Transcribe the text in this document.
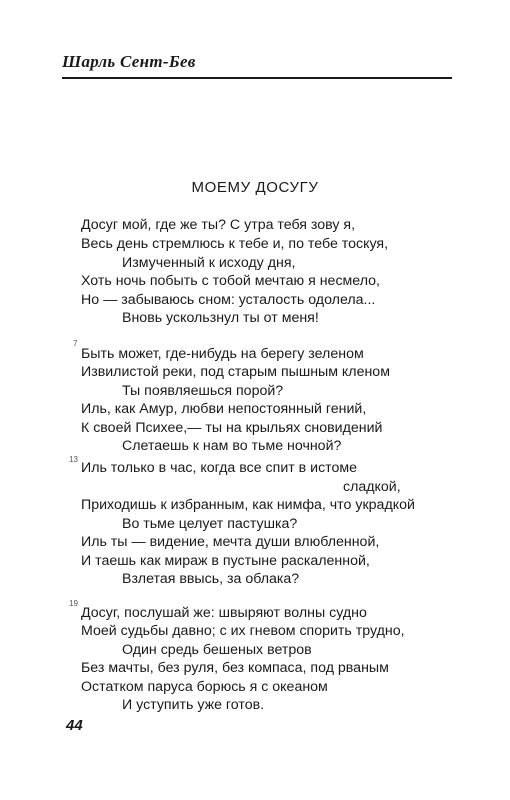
Шарль Сент-Бев
МОЕМУ ДОСУГУ
Досуг мой, где же ты? С утра тебя зову я,
Весь день стремлюсь к тебе и, по тебе тоскуя,
Измученный к исходу дня,
Хоть ночь побыть с тобой мечтаю я несмело,
Но — забываюсь сном: усталость одолела...
Вновь ускользнул ты от меня!
7
Быть может, где-нибудь на берегу зеленом
Извилистой реки, под старым пышным кленом
Ты появляешься порой?
Иль, как Амур, любви непостоянный гений,
К своей Психее,— ты на крыльях сновидений
Слетаешь к нам во тьме ночной?
13
Иль только в час, когда все спит в истоме
сладкой,
Приходишь к избранным, как нимфа, что украдкой
Во тьме целует пастушка?
Иль ты — видение, мечта души влюбленной,
И таешь как мираж в пустыне раскаленной,
Взлетая ввысь, за облака?
19
Досуг, послушай же: швыряют волны судно
Моей судьбы давно; с их гневом спорить трудно,
Один средь бешеных ветров
Без мачты, без руля, без компаса, под рваным
Остатком паруса борюсь я с океаном
И уступить уже готов.
44
